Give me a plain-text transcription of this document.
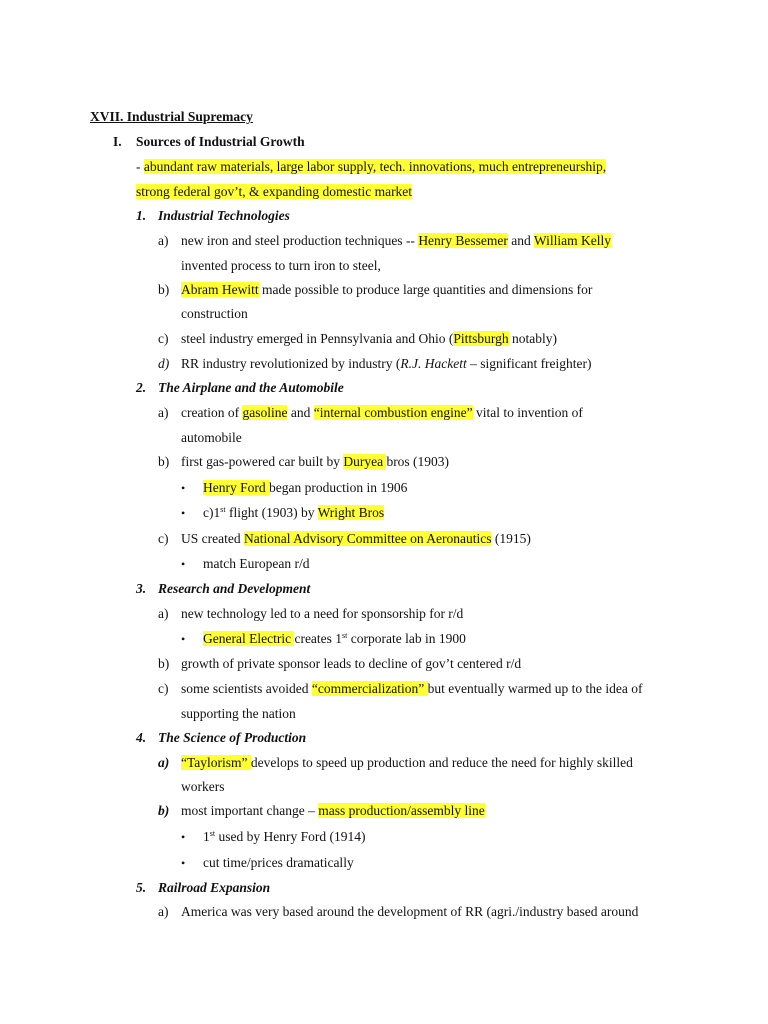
XVII. Industrial Supremacy
I. Sources of Industrial Growth
- abundant raw materials, large labor supply, tech. innovations, much entrepreneurship,
strong federal gov’t, & expanding domestic market
1. Industrial Technologies
a) new iron and steel production techniques -- Henry Bessemer and William Kelly
invented process to turn iron to steel,
b) Abram Hewitt made possible to produce large quantities and dimensions for
construction
c) steel industry emerged in Pennsylvania and Ohio (Pittsburgh notably)
d) RR industry revolutionized by industry (R.J. Hackett – significant freighter)
2. The Airplane and the Automobile
a) creation of gasoline and “internal combustion engine” vital to invention of
automobile
b) first gas-powered car built by Duryea bros (1903)
• Henry Ford began production in 1906
• c)1st flight (1903) by Wright Bros
c) US created National Advisory Committee on Aeronautics (1915)
• match European r/d
3. Research and Development
a) new technology led to a need for sponsorship for r/d
• General Electric creates 1st corporate lab in 1900
b) growth of private sponsor leads to decline of gov’t centered r/d
c) some scientists avoided “commercialization” but eventually warmed up to the idea of
supporting the nation
4. The Science of Production
a) “Taylorism” develops to speed up production and reduce the need for highly skilled
workers
b) most important change – mass production/assembly line
• 1st used by Henry Ford (1914)
• cut time/prices dramatically
5. Railroad Expansion
a) America was very based around the development of RR (agri./industry based around
